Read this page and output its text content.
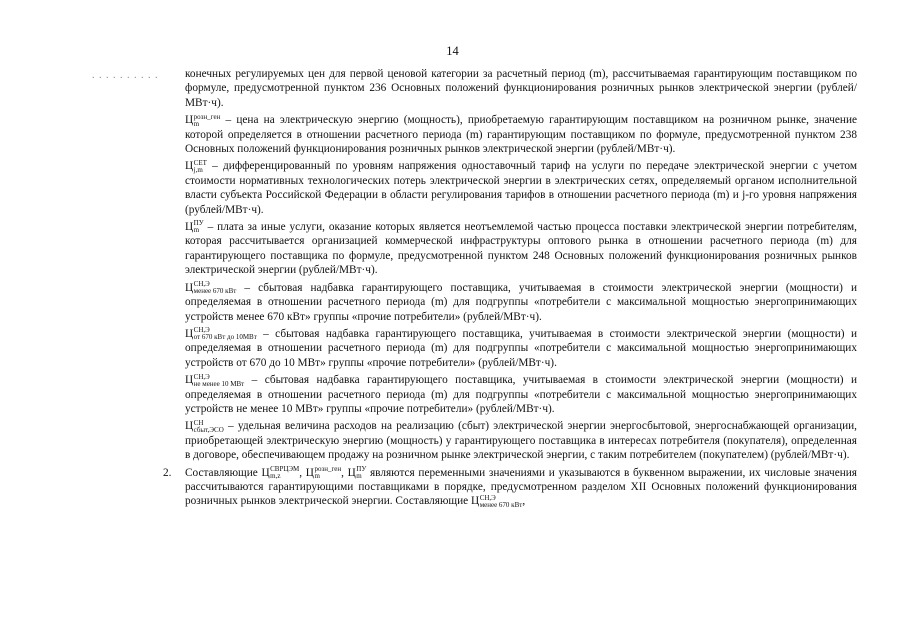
14
. . . . . . . . . . конечных регулируемых цен для первой ценовой категории за расчетный период (m), рассчитываемая гарантирующим поставщиком по формуле, предусмотренной пунктом 236 Основных положений функционирования розничных рынков электрической энергии (рублей/МВт·ч).

Ц розн_ген
m	– цена на электрическую энергию (мощность), приобретаемую гарантирующим поставщиком на розничном рынке, значение которой определяется в отношении расчетного периода (m) гарантирующим поставщиком по формуле, предусмотренной пунктом 238 Основных положений функционирования розничных рынков электрической энергии (рублей/МВт·ч).

Ц СЕТ
j,m – дифференцированный по уровням напряжения одноставочный тариф на услуги по передаче электрической энергии с учетом стоимости нормативных технологических потерь электрической энергии в электрических сетях, определяемый органом исполнительной власти субъекта Российской Федерации в области регулирования тарифов в отношении расчетного периода (m) и j-го уровня напряжения (рублей/МВт·ч).

Ц ПУ
m – плата за иные услуги, оказание которых является неотъемлемой частью процесса поставки электрической энергии потребителям, которая рассчитывается организацией коммерческой инфраструктуры оптового рынка в отношении расчетного периода (m) для гарантирующего поставщика по формуле, предусмотренной пунктом 248 Основных положений функционирования розничных рынков электрической энергии (рублей/МВт·ч).

Ц СН,Э
менее 670 кВт – сбытовая надбавка гарантирующего поставщика, учитываемая в стоимости электрической энергии (мощности) и определяемая в отношении расчетного периода (m) для подгруппы «потребители с максимальной мощностью энергопринимающих устройств менее 670 кВт» группы «прочие потребители» (рублей/МВт·ч).

Ц СН,Э
от 670 кВт до 10МВт – сбытовая надбавка гарантирующего поставщика, учитываемая в стоимости электрической энергии (мощности) и определяемая в отношении расчетного периода (m) для подгруппы «потребители с максимальной мощностью энергопринимающих устройств от 670 до 10 МВт» группы «прочие потребители» (рублей/МВт·ч).

Ц СН,Э
не менее 10 МВт – сбытовая надбавка гарантирующего поставщика, учитываемая в стоимости электрической энергии (мощности) и определяемая в отношении расчетного периода (m) для подгруппы «потребители с максимальной мощностью энергопринимающих устройств не менее 10 МВт» группы «прочие потребители» (рублей/МВт·ч).

Ц СН
сбыт,ЭСО – удельная величина расходов на реализацию (сбыт) электрической энергии энергосбытовой, энергоснабжающей организации, приобретающей электрическую энергию (мощность) у гарантирующего поставщика в интересах потребителя (покупателя), определенная в договоре, обеспечивающем продажу на розничном рынке электрической энергии, с таким потребителем (покупателем) (рублей/МВт·ч).

2. Составляющие Ц СВРЦЭМ
m,z	, Ц розн_ген
m	, Ц ПУ
m являются переменными значениями и указываются в буквенном выражении, их числовые значения рассчитываются гарантирующими поставщиками в порядке, предусмотренном разделом XII Основных положений функционирования розничных рынков электрической энергии. Составляющие Ц СН,Э
менее 670 кВт ,
